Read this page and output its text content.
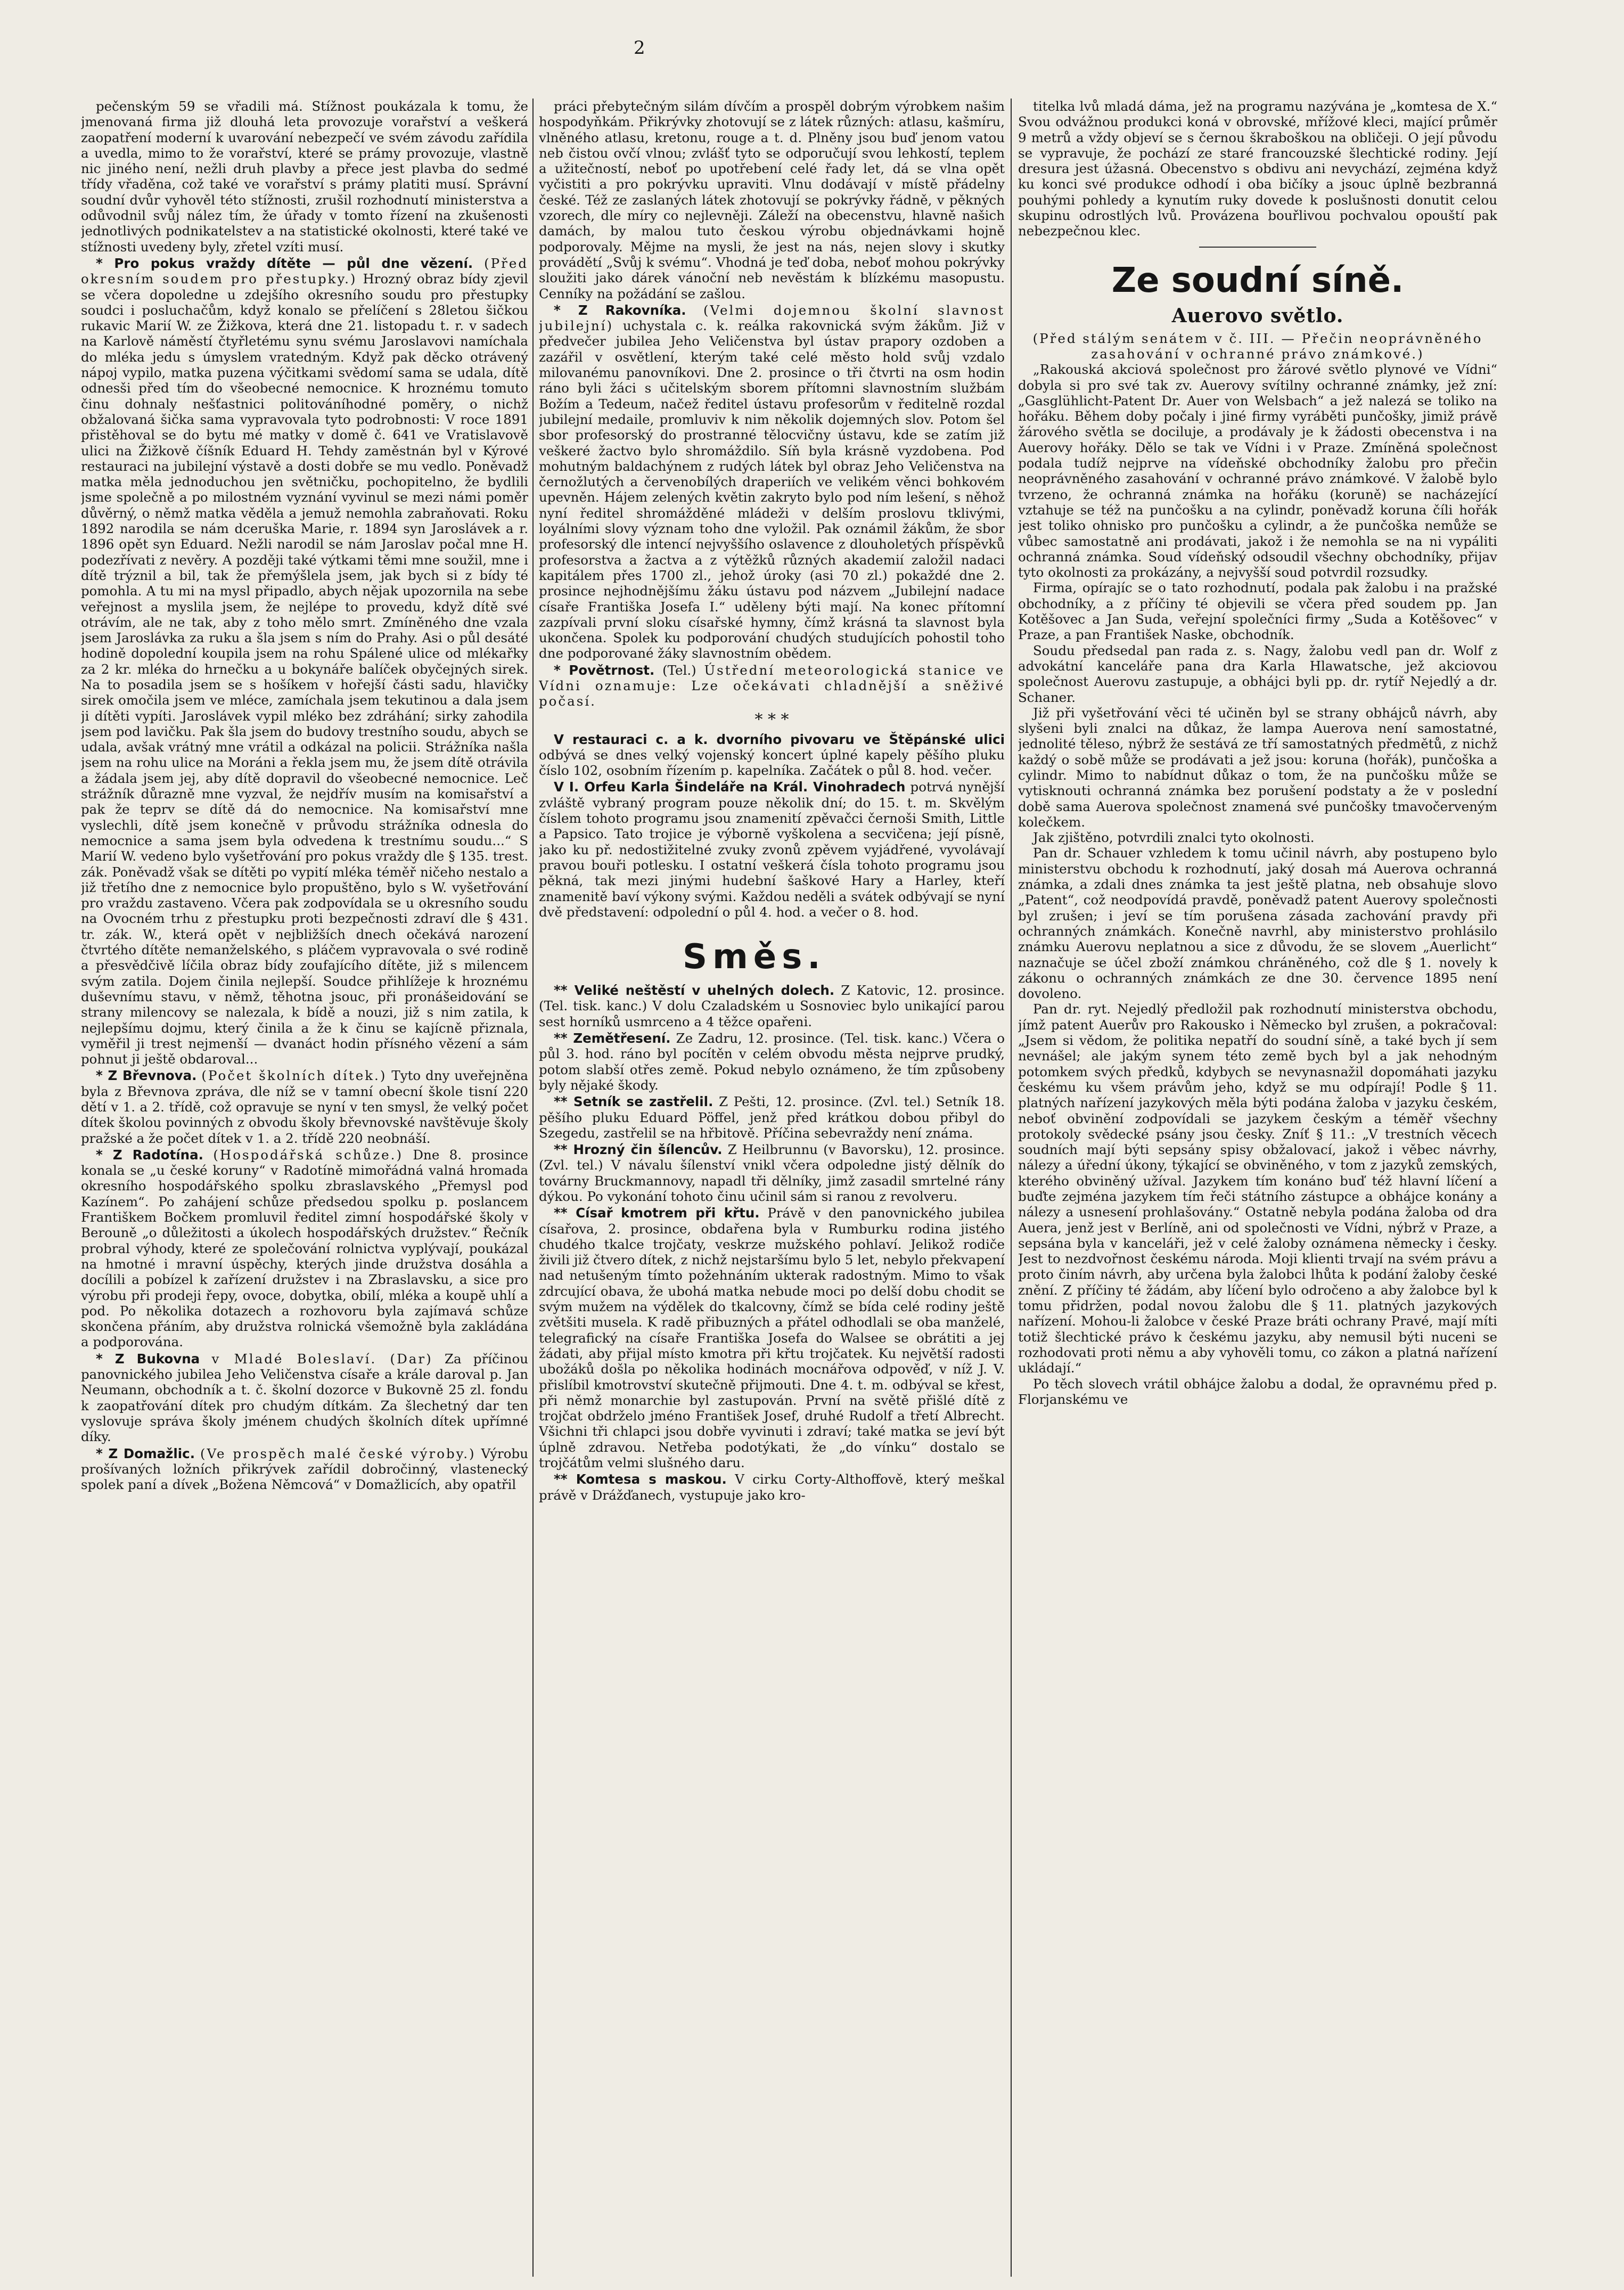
2

pečenským 59 se vřadili má. Stížnost poukázala k tomu, že jmenovaná firma již dlouhá leta provozuje vorařství a veškerá zaopatření moderní k uvarování nebezpečí ve svém závodu zařídila a uvedla, mimo to že vorařství, které se prámy provozuje, vlastně nic jiného není, nežli druh plavby a přece jest plavba do sedmé třídy vřaděna, což také ve vorařství s prámy platiti musí. Správní soudní dvůr vyhověl této stížnosti, zrušil rozhodnutí ministerstva a odůvodnil svůj nález tím, že úřady v tomto řízení na zkušenosti jednotlivých podnikatelstev a na statistické okolnosti, které také ve stížnosti uvedeny byly, zřetel vzíti musí.

* Pro pokus vraždy dítěte — půl dne vězení. (Před okresním soudem pro přestupky.) Hrozný obraz bídy zjevil se včera dopoledne u zdejšího okresního soudu pro přestupky soudci i posluchačům, když konalo se přelíčení s 28letou šičkou rukavic Marií W. ze Žižkova, která dne 21. listopadu t. r. v sadech na Karlově náměstí čtyřletému synu svému Jaroslavovi namíchala do mléka jedu s úmyslem vratedným. Když pak děcko otrávený nápoj vypilo, matka puzena výčitkami svědomí sama se udala, dítě odnesši před tím do všeobecné nemocnice. K hroznému tomuto činu dohnaly nešťastnici politováníhodné poměry, o nichž obžalovaná šička sama vypravovala tyto podrobnosti: V roce 1891 přistěhoval se do bytu mé matky v domě č. 641 ve Vratislavově ulici na Žižkově číšník Eduard H. Tehdy zaměstnán byl v Kýrové restauraci na jubilejní výstavě a dosti dobře se mu vedlo. Poněvadž matka měla jednoduchou jen světničku, pochopitelno, že bydlili jsme společně a po milostném vyznání vyvinul se mezi námi poměr důvěrný, o němž matka věděla a jemuž nemohla zabraňovati. Roku 1892 narodila se nám dceruška Marie, r. 1894 syn Jaroslávek a r. 1896 opět syn Eduard. Nežli narodil se nám Jaroslav počal mne H. podezřívati z nevěry. A později také výtkami těmi mne soužil, mne i dítě trýznil a bil, tak že přemýšlela jsem, jak bych si z bídy té pomohla. A tu mi na mysl připadlo, abych nějak upozornila na sebe veřejnost a myslila jsem, že nejlépe to provedu, když dítě své otrávím, ale ne tak, aby z toho mělo smrt. Zmíněného dne vzala jsem Jaroslávka za ruku a šla jsem s ním do Prahy. Asi o půl desáté hodině dopolední koupila jsem na rohu Spálené ulice od mlékařky za 2 kr. mléka do hrnečku a u bokynáře balíček obyčejných sirek. Na to posadila jsem se s hošíkem v hořejší části sadu, hlavičky sirek omočila jsem ve mléce, zamíchala jsem tekutinou a dala jsem ji dítěti vypíti. Jaroslávek vypil mléko bez zdráhání; sirky zahodila jsem pod lavičku. Pak šla jsem do budovy trestního soudu, abych se udala, avšak vrátný mne vrátil a odkázal na policii. Strážníka našla jsem na rohu ulice na Moráni a řekla jsem mu, že jsem dítě otrávila a žádala jsem jej, aby dítě dopravil do všeobecné nemocnice. Leč strážník důrazně mne vyzval, že nejdřív musím na komisařství a pak že teprv se dítě dá do nemocnice. Na komisařství mne vyslechli, dítě jsem konečně v průvodu strážníka odnesla do nemocnice a sama jsem byla odvedena k trestnímu soudu...“ S Marií W. vedeno bylo vyšetřování pro pokus vraždy dle § 135. trest. zák. Poněvadž však se dítěti po vypití mléka téměř ničeho nestalo a již třetího dne z nemocnice bylo propuštěno, bylo s W. vyšetřování pro vraždu zastaveno. Včera pak zodpovídala se u okresního soudu na Ovocném trhu z přestupku proti bezpečnosti zdraví dle § 431. tr. zák. W., která opět v nejbližších dnech očekává narození čtvrtého dítěte nemanželského, s pláčem vypravovala o své rodině a přesvědčivě líčila obraz bídy zoufajícího dítěte, již s milencem svým zatila. Dojem činila nejlepší. Soudce přihlížeje k hroznému duševnímu stavu, v němž, těhotna jsouc, při pronášeidování se strany milencovy se nalezala, k bídě a nouzi, již s nim zatila, k nejlepšímu dojmu, který činila a že k činu se kajícně přiznala, vyměřil ji trest nejmenší — dvanáct hodin přísného vězení a sám pohnut ji ještě obdaroval...

* Z Břevnova. (Počet školních dítek.) Tyto dny uveřejněna byla z Břevnova zpráva, dle níž se v tamní obecní škole tisní 220 dětí v 1. a 2. třídě, což opravuje se nyní v ten smysl, že velký počet dítek školou povinných z obvodu školy břevnovské navštěvuje školy pražské a že počet dítek v 1. a 2. třídě 220 neobnáší.

* Z Radotína. (Hospodářská schůze.) Dne 8. prosince konala se „u české koruny“ v Radotíně mimořádná valná hromada okresního hospodářského spolku zbraslavského „Přemysl pod Kazínem“. Po zahájení schůze předsedou spolku p. poslancem Františkem Bočkem promluvil ředitel zimní hospodářské školy v Berouně „o důležitosti a úkolech hospodářských družstev.“ Řečník probral výhody, které ze společování rolnictva vyplývají, poukázal na hmotné i mravní úspěchy, kterých jinde družstva dosáhla a docílili a pobízel k zařízení družstev i na Zbraslavsku, a sice pro výrobu při prodeji řepy, ovoce, dobytka, obilí, mléka a koupě uhlí a pod. Po několika dotazech a rozhovoru byla zajímavá schůze skončena přáním, aby družstva rolnická všemožně byla zakládána a podporována.

* Z Bukovna v Mladé Boleslaví. (Dar) Za příčinou panovnického jubilea Jeho Veličenstva císaře a krále daroval p. Jan Neumann, obchodník a t. č. školní dozorce v Bukovně 25 zl. fondu k zaopatřování dítek pro chudým dítkám. Za šlechetný dar ten vyslovuje správa školy jménem chudých školních dítek upřímné díky.

* Z Domažlic. (Ve prospěch malé české výroby.) Výrobu prošívaných ložních přikrývek zařídil dobročinný, vlastenecký spolek paní a dívek „Božena Němcová“ v Domažlicích, aby opatřil

práci přebytečným silám dívčím a prospěl dobrým výrobkem našim hospodyňkám. Přikrývky zhotovují se z látek různých: atlasu, kašmíru, vlněného atlasu, kretonu, rouge a t. d. Plněny jsou buď jenom vatou neb čistou ovčí vlnou; zvlášť tyto se odporučují svou lehkostí, teplem a užitečností, neboť po upotřebení celé řady let, dá se vlna opět vyčistiti a pro pokrývku upraviti. Vlnu dodávají v místě přádelny české. Též ze zaslaných látek zhotovují se pokrývky řádně, v pěkných vzorech, dle míry co nejlevněji. Záleží na obecenstvu, hlavně našich damách, by malou tuto českou výrobu objednávkami hojně podporovaly. Mějme na mysli, že jest na nás, nejen slovy i skutky provádětí „Svůj k svému“. Vhodná je teď doba, neboť mohou pokrývky sloužiti jako dárek vánoční neb nevěstám k blízkému masopustu. Cenníky na požádání se zašlou.

* Z Rakovníka. (Velmi dojemnou školní slavnost jubilejní) uchystala c. k. reálka rakovnická svým žákům. Již v předvečer jubilea Jeho Veličenstva byl ústav prapory ozdoben a zazářil v osvětlení, kterým také celé město hold svůj vzdalo milovanému panovníkovi. Dne 2. prosince o tři čtvrti na osm hodin ráno byli žáci s učitelským sborem přítomni slavnostním službám Božím a Tedeum, načež ředitel ústavu profesorům v ředitelně rozdal jubilejní medaile, promluviv k nim několik dojemných slov. Potom šel sbor profesorský do prostranné tělocvičny ústavu, kde se zatím již veškeré žactvo bylo shromáždilo. Síň byla krásně vyzdobena. Pod mohutným baldachýnem z rudých látek byl obraz Jeho Veličenstva na černožlutých a červenobílých draperiích ve velikém věnci bohkovém upevněn. Hájem zelených květin zakryto bylo pod ním lešení, s něhož nyní ředitel shromážděné mládeži v delším proslovu tklivými, loyálními slovy význam toho dne vyložil. Pak oznámil žákům, že sbor profesorský dle intencí nejvyššího oslavence z dlouholetých příspěvků profesorstva a žactva a z výtěžků různých akademií založil nadaci kapitálem přes 1700 zl., jehož úroky (asi 70 zl.) pokaždé dne 2. prosince nejhodnějšímu žáku ústavu pod názvem „Jubilejní nadace císaře Františka Josefa I.“ uděleny býti mají. Na konec přítomní zazpívali první sloku císařské hymny, čímž krásná ta slavnost byla ukončena. Spolek ku podporování chudých studujících pohostil toho dne podporované žáky slavnostním obědem.

* Povětrnost. (Tel.) Ústřední meteorologická stanice ve Vídni oznamuje: Lze očekávati chladnější a sněživé počasí.

* * *

V restauraci c. a k. dvorního pivovaru ve Štěpánské ulici odbývá se dnes velký vojenský koncert úplné kapely pěšího pluku číslo 102, osobním řízením p. kapelníka. Začátek o půl 8. hod. večer.

V I. Orfeu Karla Šindeláře na Král. Vinohradech potrvá nynější zvláště vybraný program pouze několik dní; do 15. t. m. Skvělým číslem tohoto programu jsou znamenití zpěvačci černoši Smith, Little a Papsico. Tato trojice je výborně vyškolena a secvičena; její písně, jako ku př. nedostižitelné zvuky zvonů zpěvem vyjádřené, vyvolávají pravou bouři potlesku. I ostatní veškerá čísla tohoto programu jsou pěkná, tak mezi jinými hudební šaškové Hary a Harley, kteří znamenitě baví výkony svými. Každou neděli a svátek odbývají se nyní dvě představení: odpolední o půl 4. hod. a večer o 8. hod.

Směs.

** Veliké neštěstí v uhelných dolech. Z Katovic, 12. prosince. (Tel. tisk. kanc.) V dolu Czaladském u Sosnoviec bylo unikající parou sest horníků usmrceno a 4 těžce opařeni.

** Zemětřesení. Ze Zadru, 12. prosince. (Tel. tisk. kanc.) Včera o půl 3. hod. ráno byl pocítěn v celém obvodu města nejprve prudký, potom slabší otřes země. Pokud nebylo oznámeno, že tím způsobeny byly nějaké škody.

** Setník se zastřelil. Z Pešti, 12. prosince. (Zvl. tel.) Setník 18. pěšího pluku Eduard Pöffel, jenž před krátkou dobou přibyl do Szegedu, zastřelil se na hřbitově. Příčina sebevraždy není známa.

** Hrozný čin šílencův. Z Heilbrunnu (v Bavorsku), 12. prosince. (Zvl. tel.) V návalu šílenství vnikl včera odpoledne jistý dělník do továrny Bruckmannovy, napadl tři dělníky, jimž zasadil smrtelné rány dýkou. Po vykonání tohoto činu učinil sám si ranou z revolveru.

** Císař kmotrem při křtu. Právě v den panovnického jubilea císařova, 2. prosince, obdařena byla v Rumburku rodina jistého chudého tkalce trojčaty, veskrze mužského pohlaví. Jelikož rodiče živili již čtvero dítek, z nichž nejstaršímu bylo 5 let, nebylo překvapení nad netušeným tímto požehnáním ukterak radostným. Mimo to však zdrcující obava, že ubohá matka nebude moci po delší dobu chodit se svým mužem na výdělek do tkalcovny, čímž se bída celé rodiny ještě zvětšiti musela. K radě přibuzných a přátel odhodlali se oba manželé, telegrafický na císaře Františka Josefa do Walsee se obrátiti a jej žádati, aby přijal místo kmotra při křtu trojčatek. Ku největší radosti ubožáků došla po několika hodinách mocnářova odpověď, v níž J. V. přislíbil kmotrovství skutečně přijmouti. Dne 4. t. m. odbýval se křest, při němž monarchie byl zastupován. První na světě přišlé dítě z trojčat obdrželo jméno František Josef, druhé Rudolf a třetí Albrecht. Všichni tři chlapci jsou dobře vyvinuti i zdraví; také matka se jeví být úplně zdravou. Netřeba podotýkati, že „do vínku“ dostalo se trojčátům velmi slušného daru.

** Komtesa s maskou. V cirku Corty-Althoffově, který meškal právě v Drážďanech, vystupuje jako kro-

titelka lvů mladá dáma, jež na programu nazývána je „komtesa de X.“ Svou odvážnou produkci koná v obrovské, mřížové kleci, mající průměr 9 metrů a vždy objeví se s černou škraboškou na obličeji. O její původu se vypravuje, že pochází ze staré francouzské šlechtické rodiny. Její dresura jest úžasná. Obecenstvo s obdivu ani nevychází, zejména když ku konci své produkce odhodí i oba bičíky a jsouc úplně bezbranná pouhými pohledy a kynutím ruky dovede k poslušnosti donutit celou skupinu odrostlých lvů. Provázena bouřlivou pochvalou opouští pak nebezpečnou klec.

Ze soudní síně.
Auerovo světlo.

(Před stálým senátem v č. III. — Přečin neoprávněného zasahování v ochranné právo známkové.)

„Rakouská akciová společnost pro žárové světlo plynové ve Vídni“ dobyla si pro své tak zv. Auerovy svítilny ochranné známky, jež zní: „Gasglühlicht-Patent Dr. Auer von Welsbach“ a jež nalezá se toliko na hořáku. Během doby počaly i jiné firmy vyráběti punčošky, jimiž právě žárového světla se dociluje, a prodávaly je k žádosti obecenstva i na Auerovy hořáky. Dělo se tak ve Vídni i v Praze. Zmíněná společnost podala tudíž nejprve na vídeňské obchodníky žalobu pro přečin neoprávněného zasahování v ochranné právo známkové. V žalobě bylo tvrzeno, že ochranná známka na hořáku (koruně) se nacházející vztahuje se též na punčošku a na cylindr, poněvadž koruna číli hořák jest toliko ohnisko pro punčošku a cylindr, a že punčoška nemůže se vůbec samostatně ani prodávati, jakož i že nemohla se na ni vypáliti ochranná známka. Soud vídeňský odsoudil všechny obchodníky, přijav tyto okolnosti za prokázány, a nejvyšší soud potvrdil rozsudky.

Firma, opírajíc se o tato rozhodnutí, podala pak žalobu i na pražské obchodníky, a z příčiny té objevili se včera před soudem pp. Jan Kotěšovec a Jan Suda, veřejní společníci firmy „Suda a Kotěšovec“ v Praze, a pan František Naske, obchodník.

Soudu předsedal pan rada z. s. Nagy, žalobu vedl pan dr. Wolf z advokátní kanceláře pana dra Karla Hlawatsche, jež akciovou společnost Auerovu zastupuje, a obhájci byli pp. dr. rytíř Nejedlý a dr. Schaner.

Již při vyšetřování věci té učiněn byl se strany obhájců návrh, aby slyšeni byli znalci na důkaz, že lampa Auerova není samostatné, jednolité těleso, nýbrž že sestává ze tří samostatných předmětů, z nichž každý o sobě může se prodávati a jež jsou: koruna (hořák), punčoška a cylindr. Mimo to nabídnut důkaz o tom, že na punčošku může se vytisknouti ochranná známka bez porušení podstaty a že v poslední době sama Auerova společnost znamená své punčošky tmavočerveným kolečkem.

Jak zjištěno, potvrdili znalci tyto okolnosti.

Pan dr. Schauer vzhledem k tomu učinil návrh, aby postupeno bylo ministerstvu obchodu k rozhodnutí, jaký dosah má Auerova ochranná známka, a zdali dnes známka ta jest ještě platna, neb obsahuje slovo „Patent“, což neodpovídá pravdě, poněvadž patent Auerovy společnosti byl zrušen; i jeví se tím porušena zásada zachování pravdy při ochranných známkách. Konečně navrhl, aby ministerstvo prohlásilo známku Auerovu neplatnou a sice z důvodu, že se slovem „Auerlicht“ naznačuje se účel zboží známkou chráněného, což dle § 1. novely k zákonu o ochranných známkách ze dne 30. července 1895 není dovoleno.

Pan dr. ryt. Nejedlý předložil pak rozhodnutí ministerstva obchodu, jímž patent Auerův pro Rakousko i Německo byl zrušen, a pokračoval: „Jsem si vědom, že politika nepatří do soudní síně, a také bych jí sem nevnášel; ale jakým synem této země bych byl a jak nehodným potomkem svých předků, kdybych se nevynasnažil dopomáhati jazyku českému ku všem právům jeho, když se mu odpírají! Podle § 11. platných nařízení jazykových měla býti podána žaloba v jazyku českém, neboť obvinění zodpovídali se jazykem českým a téměř všechny protokoly svědecké psány jsou česky. Zníť § 11.: „V trestních věcech soudních mají býti sepsány spisy obžalovací, jakož i věbec návrhy, nálezy a úřední úkony, týkající se obviněného, v tom z jazyků zemských, kterého obviněný užíval. Jazykem tím konáno buď též hlavní líčení a buďte zejména jazykem tím řeči státního zástupce a obhájce konány a nálezy a usnesení prohlašovány.“ Ostatně nebyla podána žaloba od dra Auera, jenž jest v Berlíně, ani od společnosti ve Vídni, nýbrž v Praze, a sepsána byla v kanceláři, jež v celé žaloby oznámena německy i česky. Jest to nezdvořnost českému národa. Moji klienti trvají na svém právu a proto činím návrh, aby určena byla žalobci lhůta k podání žaloby české znění. Z příčiny té žádám, aby líčení bylo odročeno a aby žalobce byl k tomu přidržen, podal novou žalobu dle § 11. platných jazykových nařízení. Mohou-li žalobce v české Praze bráti ochrany Pravé, mají míti totiž šlechtické právo k českému jazyku, aby nemusil býti nuceni se rozhodovati proti němu a aby vyhověli tomu, co zákon a platná nařízení ukládají.“

Po těch slovech vrátil obhájce žalobu a dodal, že opravnému před p. Florjanskému ve
